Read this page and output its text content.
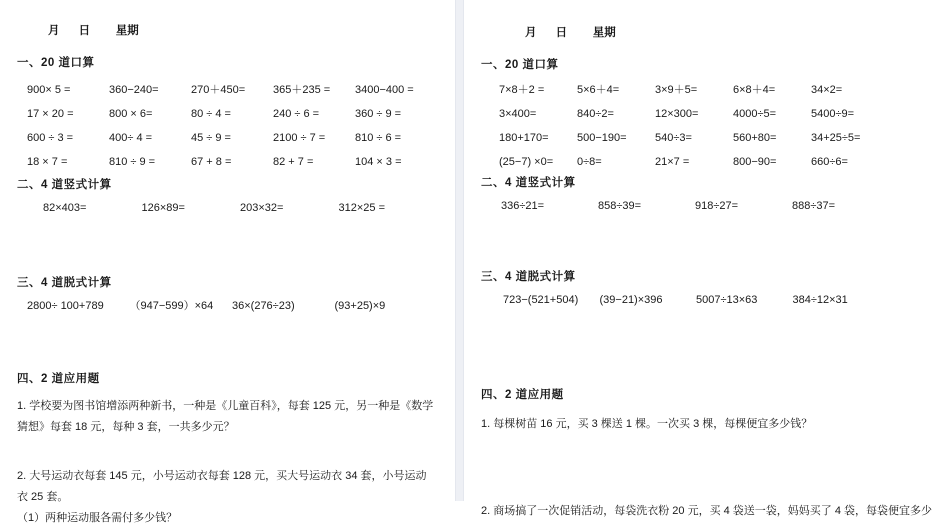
月      日        星期
一、20 道口算
900× 5 =	360−240=	270＋450=	365＋235 =	3400−400 =
17 × 20 =	800 × 6=	80 ÷ 4 =	240 ÷ 6 =	360 ÷ 9 =
600 ÷ 3 =	400÷ 4 =	45 ÷ 9 =	2100 ÷ 7 =	810 ÷ 6 =
18 × 7 =	810 ÷ 9 =	67 + 8 =	82 + 7 =	104 × 3 =
二、4 道竖式计算
82×403=	126×89=	203×32=	312×25 =
三、4 道脱式计算
2800÷ 100+789	（947−599）×64	36×(276÷23)	(93+25)×9
四、2 道应用题

1. 学校要为图书馆增添两种新书，一种是《儿童百科》，每套 125 元，另一种是《数学猜想》每套 18 元，每种 3 套，一共多少元？

2. 大号运动衣每套 145 元，小号运动衣每套 128 元，买大号运动衣 34 套，小号运动衣 25 套。

（1）两种运动服各需付多少钱？

月      日        星期
一、20 道口算
7×8＋2 =	5×6＋4=	3×9＋5=	6×8＋4=	34×2=
3×400=	840÷2=	12×300=	4000÷5=	5400÷9=
180+170=	500−190=	540÷3=	560+80=	34+25÷5=
(25−7) ×0=	0÷8=	21×7 =	800−90=	660÷6=
二、4 道竖式计算
336÷21=	858÷39=	918÷27=	888÷37=
三、4 道脱式计算
723−(521+504)	(39−21)×396	5007÷13×63	384÷12×31
四、2 道应用题

1. 每棵树苗 16 元，买 3 棵送 1 棵。一次买 3 棵，每棵便宜多少钱？

2. 商场搞了一次促销活动，每袋洗衣粉 20 元，买 4 袋送一袋，妈妈买了 4 袋，每袋便宜多少
